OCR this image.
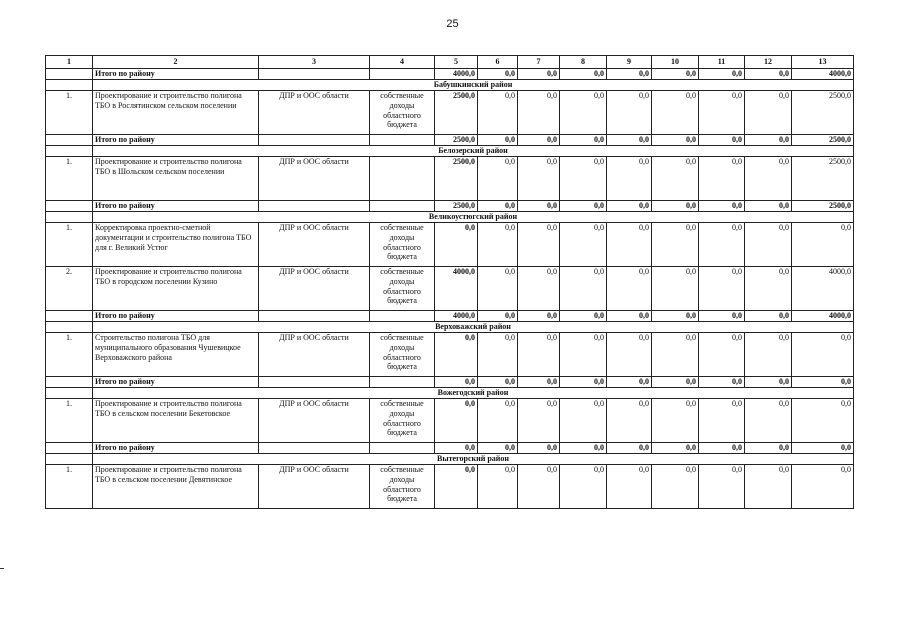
25
1	2	3	4	5	6	7	8	9	10	11	12	13
	Итого по району			4000,0	0,0	0,0	0,0	0,0	0,0	0,0	0,0	4000,0
	Бабушкинский район											
1.	Проектирование и строительство полигона ТБО в Рослятинском сельском поселении	ДПР и ООС области	собственные доходы областного бюджета	2500,0	0,0	0,0	0,0	0,0	0,0	0,0	0,0	2500,0
	Итого по району			2500,0	0,0	0,0	0,0	0,0	0,0	0,0	0,0	2500,0
	Белозерский район											
1.	Проектирование и строительство полигона ТБО в Шольском сельском поселении	ДПР и ООС области		2500,0	0,0	0,0	0,0	0,0	0,0	0,0	0,0	2500,0
	Итого по району			2500,0	0,0	0,0	0,0	0,0	0,0	0,0	0,0	2500,0
	Великоустюгский район											
1.	Корректировка проектно-сметной документации и строительство полигона ТБО для г. Великий Устюг	ДПР и ООС области	собственные доходы областного бюджета	0,0	0,0	0,0	0,0	0,0	0,0	0,0	0,0	0,0
2.	Проектирование и строительство полигона ТБО в городском поселении Кузино	ДПР и ООС области	собственные доходы областного бюджета	4000,0	0,0	0,0	0,0	0,0	0,0	0,0	0,0	4000,0
	Итого по району			4000,0	0,0	0,0	0,0	0,0	0,0	0,0	0,0	4000,0
	Верховажский район											
1.	Строительство полигона ТБО для муниципального образования Чушевицкое Верховажского района	ДПР и ООС области	собственные доходы областного бюджета	0,0	0,0	0,0	0,0	0,0	0,0	0,0	0,0	0,0
	Итого по району			0,0	0,0	0,0	0,0	0,0	0,0	0,0	0,0	0,0
	Вожегодский район											
1.	Проектирование и строительство полигона ТБО в сельском поселении Бекетовское	ДПР и ООС области	собственные доходы областного бюджета	0,0	0,0	0,0	0,0	0,0	0,0	0,0	0,0	0,0
	Итого по району			0,0	0,0	0,0	0,0	0,0	0,0	0,0	0,0	0,0
	Вытегорский район											
1.	Проектирование и строительство полигона ТБО в сельском поселении Девятинское	ДПР и ООС области	собственные доходы областного бюджета	0,0	0,0	0,0	0,0	0,0	0,0	0,0	0,0	0,0
